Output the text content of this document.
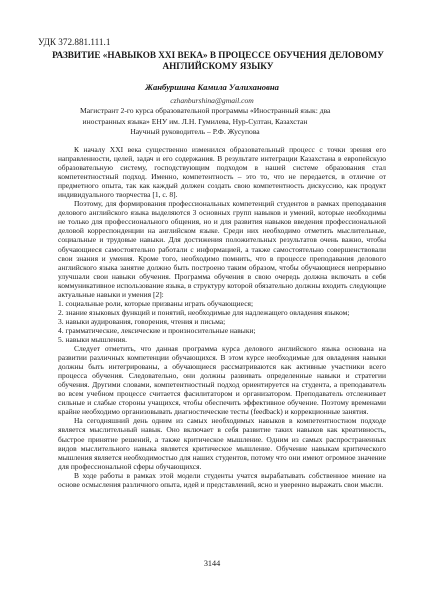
УДК 372.881.111.1
РАЗВИТИЕ «НАВЫКОВ XXI ВЕКА» В ПРОЦЕССЕ ОБУЧЕНИЯ ДЕЛОВОМУ
АНГЛИЙСКОМУ ЯЗЫКУ
Жанбуршина Камила Уалихановна
czhanburshina@gmail.com
Магистрант 2-го курса образовательной программы «Иностранный язык: два
иностранных языка» ЕНУ им. Л.Н. Гумилева, Нур-Султан, Казахстан
Научный руководитель – Р.Ф. Жусупова

К началу XXI века существенно изменился образовательный процесс с точки зрения его направленности, целей, задач и его содержания. В результате интеграции Казахстана в европейскую образовательную систему, господствующим подходом в нашей системе образования стал компетентностный подход. Именно, компетентность – это то, что не передается, в отличие от предметного опыта, так как каждый должен создать свою компетентность дискуссию, как продукт индивидуального творчества [1, с. 8].

Поэтому, для формирования профессиональных компетенций студентов в рамках преподавания делового английского языка выделяются 3 основных групп навыков и умений, которые необходимы не только для профессионального общения, но и для развития навыков введения профессиональной деловой корреспонденции на английском языке. Среди них необходимо отметить мыслительные, социальные и трудовые навыки. Для достижения положительных результатов очень важно, чтобы обучающиеся самостоятельно работали с информацией, а также самостоятельно совершенствовали свои знания и умения. Кроме того, необходимо помнить, что в процессе преподавания делового английского языка занятие должно быть построено таким образом, чтобы обучающиеся непрерывно улучшали свои навыки обучения. Программа обучения в свою очередь должна включать в себя коммуникативное использование языка, в структуру которой обязательно должны входить следующие актуальные навыки и умения [2]:

1. социальные роли, которые призваны играть обучающиеся;

2. знание языковых функций и понятий, необходимые для надлежащего овладения языком;

3. навыки аудирования, говорения, чтения и письма;

4. грамматические, лексические и произносительные навыки;

5. навыки мышления.

Следует отметить, что данная программа курса делового английского языка основана на развитии различных компетенции обучающихся. В этом курсе необходимые для овладения навыки должны быть интегрированы, а обучающиеся рассматриваются как активные участники всего процесса обучения. Следовательно, они должны развивать определенные навыки и стратегии обучения. Другими словами, компетентностный подход ориентируется на студента, а преподаватель во всем учебном процессе считается фасилитатором и организатором. Преподаватель отслеживает сильные и слабые стороны учащихся, чтобы обеспечить эффективное обучение. Поэтому временами крайне необходимо организовывать диагностические тесты (feedback) и коррекционные занятия.

На сегодняшний день одним из самых необходимых навыков в компетентностном подходе является мыслительный навык. Оно включает в себя развитие таких навыков как креативность, быстрое принятие решений, а также критическое мышление. Одним из самых распространенных видов мыслительного навыка является критическое мышление. Обучение навыкам критического мышления является необходимостью для наших студентов, потому что они имеют огромное значение для профессиональной сферы обучающихся.

В ходе работы в рамках этой модели студенты учатся вырабатывать собственное мнение на основе осмысления различного опыта, идей и представлений, ясно и уверенно выражать свои мысли.

3144
